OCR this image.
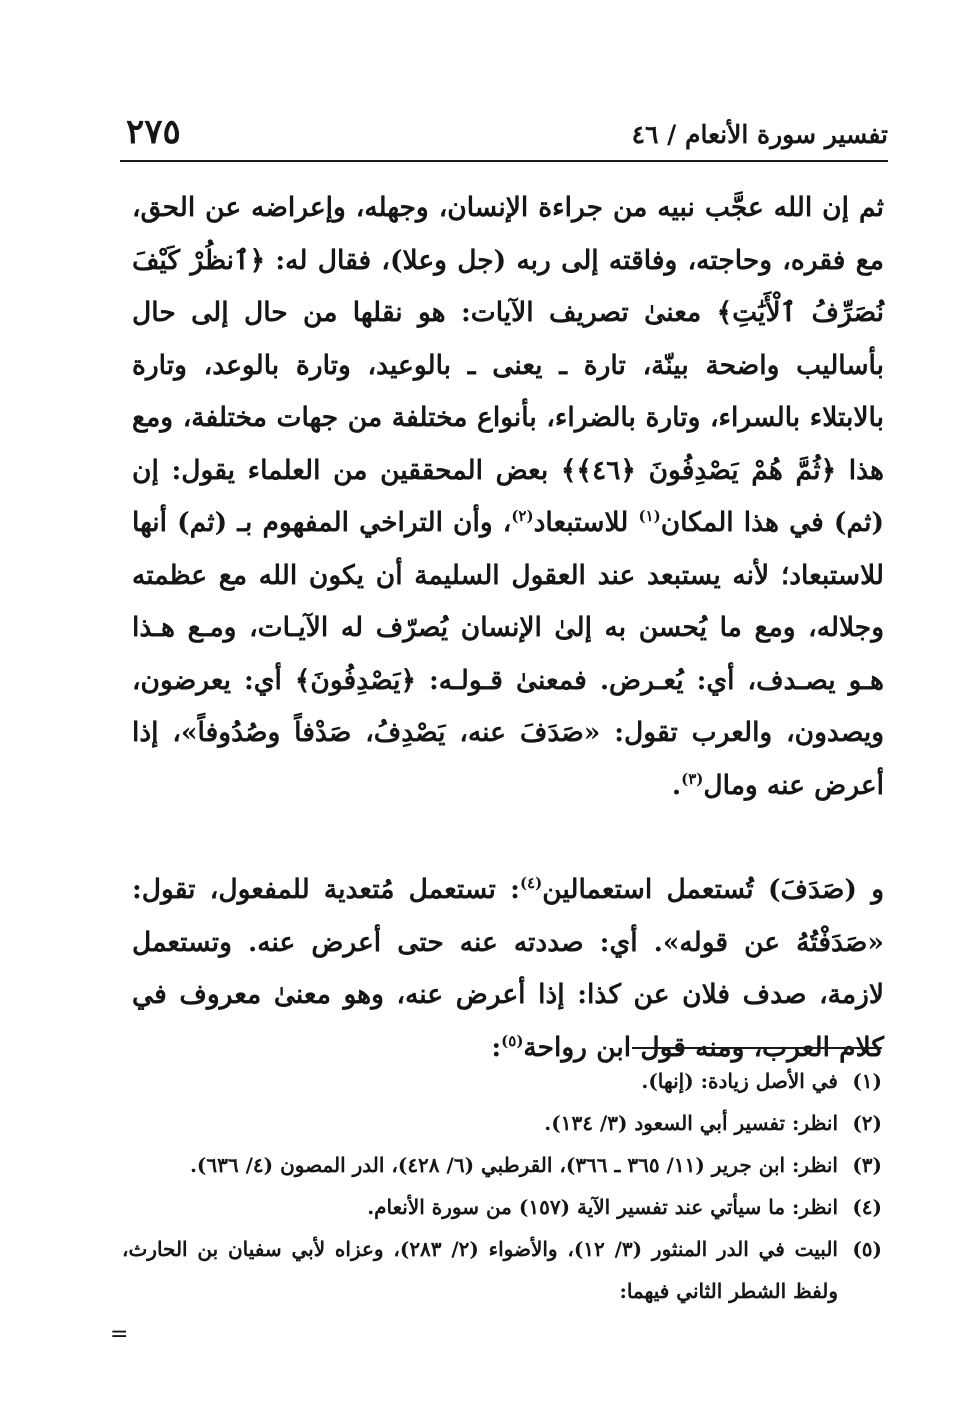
تفسير سورة الأنعام / ٤٦
٢٧٥

ثم إن الله عجَّب نبيه من جراءة الإنسان، وجهله، وإعراضه عن الحق، مع فقره، وحاجته، وفاقته إلى ربه (جل وعلا)، فقال له: ﴿ٱنظُرْ كَيْفَ نُصَرِّفُ ٱلْأَيَٰتِ﴾ معنىٰ تصريف الآيات: هو نقلها من حال إلى حال بأساليب واضحة بينّة، تارة ـ يعنى ـ بالوعيد، وتارة بالوعد، وتارة بالابتلاء بالسراء، وتارة بالضراء، بأنواع مختلفة من جهات مختلفة، ومع هذا ﴿ثُمَّ هُمْ يَصْدِفُونَ ﴿٤٦﴾﴾ بعض المحققين من العلماء يقول: إن (ثم) في هذا المكان$^{(١)}$ للاستبعاد$^{(٢)}$، وأن التراخي المفهوم بـ (ثم) أنها للاستبعاد؛ لأنه يستبعد عند العقول السليمة أن يكون الله مع عظمته وجلاله، ومع ما يُحسن به إلىٰ الإنسان يُصرّف له الآيـات، ومـع هـذا هـو يصـدف، أي: يُعـرض. فمعنىٰ قـولـه: ﴿يَصْدِفُونَ﴾ أي: يعرضون، ويصدون، والعرب تقول: «صَدَفَ عنه، يَصْدِفُ، صَدْفاً وصُدُوفاً»، إذا أعرض عنه ومال$^{(٣)}$.

و (صَدَفَ) تُستعمل استعمالين$^{(٤)}$: تستعمل مُتعدية للمفعول، تقول: «صَدَفْتُهُ عن قوله». أي: صددته عنه حتى أعرض عنه. وتستعمل لازمة، صدف فلان عن كذا: إذا أعرض عنه، وهو معنىٰ معروف في كلام العرب، ومنه قول ابن رواحة$^{(٥)}$:

(١)
في الأصل زيادة: (إنها).
(٢)
انظر: تفسير أبي السعود (٣/ ١٣٤).
(٣)
انظر: ابن جرير (١١/ ٣٦٥ ـ ٣٦٦)، القرطبي (٦/ ٤٢٨)، الدر المصون (٤/ ٦٣٦).
(٤)
انظر: ما سيأتي عند تفسير الآية (١٥٧) من سورة الأنعام.
(٥)
البيت في الدر المنثور (٣/ ١٢)، والأضواء (٢/ ٢٨٣)، وعزاه لأبي سفيان بن الحارث، ولفظ الشطر الثاني فيهما:
=
